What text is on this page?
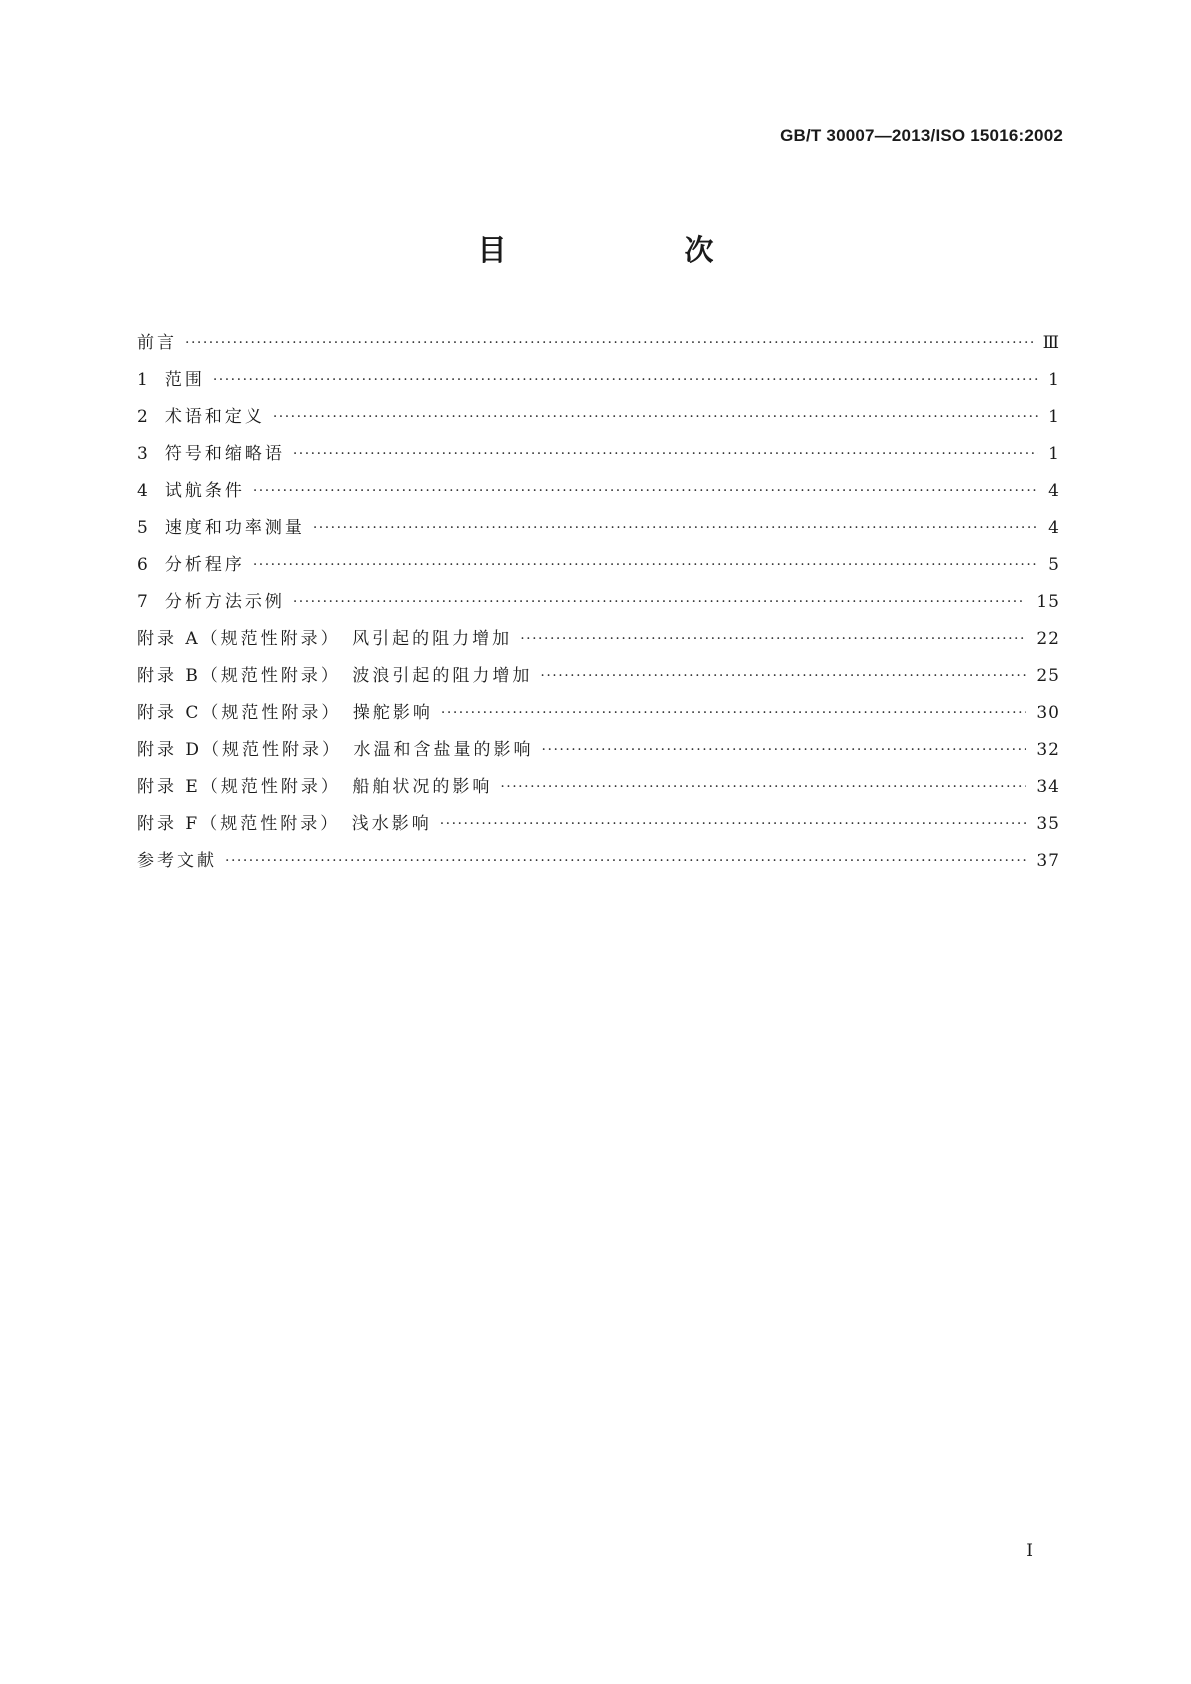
GB/T 30007—2013/ISO 15016:2002
目　　次
前言 ·····	Ⅲ
1 范围 ·····	1
2 术语和定义 ·····	1
3 符号和缩略语 ·····	1
4 试航条件 ·····	4
5 速度和功率测量 ·····	4
6 分析程序 ·····	5
7 分析方法示例 ·····	15
附录 A（规范性附录）　风引起的阻力增加 ·····	22
附录 B（规范性附录）　波浪引起的阻力增加 ·····	25
附录 C（规范性附录）　操舵影响 ·····	30
附录 D（规范性附录）　水温和含盐量的影响 ·····	32
附录 E（规范性附录）　船舶状况的影响 ·····	34
附录 F（规范性附录）　浅水影响 ·····	35
参考文献 ·····	37
I
